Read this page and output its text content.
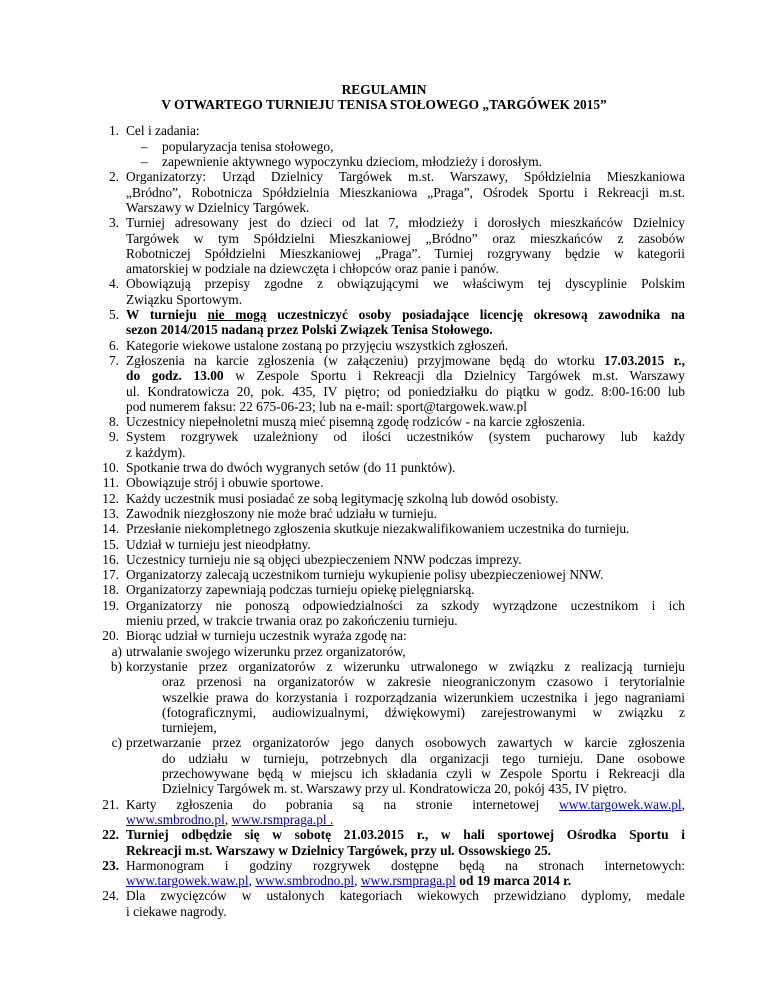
REGULAMIN
V OTWARTEGO TURNIEJU TENISA STOŁOWEGO „TARGÓWEK 2015”
1. Cel i zadania:
– popularyzacja tenisa stołowego,
– zapewnienie aktywnego wypoczynku dzieciom, młodzieży i dorosłym.
2. Organizatorzy: Urząd Dzielnicy Targówek m.st. Warszawy, Spółdzielnia Mieszkaniowa
„Bródno”, Robotnicza Spółdzielnia Mieszkaniowa „Praga”, Ośrodek Sportu i Rekreacji m.st.
Warszawy w Dzielnicy Targówek.
3. Turniej adresowany jest do dzieci od lat 7, młodzieży i dorosłych mieszkańców Dzielnicy
Targówek w tym Spółdzielni Mieszkaniowej „Bródno” oraz mieszkańców z zasobów
Robotniczej Spółdzielni Mieszkaniowej „Praga”. Turniej rozgrywany będzie w kategorii
amatorskiej w podziale na dziewczęta i chłopców oraz panie i panów.
4. Obowiązują przepisy zgodne z obwiązującymi we właściwym tej dyscyplinie Polskim
Związku Sportowym.
5. W turnieju nie mogą uczestniczyć osoby posiadające licencję okresową zawodnika na
sezon 2014/2015 nadaną przez Polski Związek Tenisa Stołowego.
6. Kategorie wiekowe ustalone zostaną po przyjęciu wszystkich zgłoszeń.
7. Zgłoszenia na karcie zgłoszenia (w załączeniu) przyjmowane będą do wtorku 17.03.2015 r.,
do godz. 13.00 w Zespole Sportu i Rekreacji dla Dzielnicy Targówek m.st. Warszawy
ul. Kondratowicza 20, pok. 435, IV piętro; od poniedziałku do piątku w godz. 8:00-16:00 lub
pod numerem faksu: 22 675-06-23; lub na e-mail: sport@targowek.waw.pl
8. Uczestnicy niepełnoletni muszą mieć pisemną zgodę rodziców - na karcie zgłoszenia.
9. System rozgrywek uzależniony od ilości uczestników (system pucharowy lub każdy
z każdym).
10. Spotkanie trwa do dwóch wygranych setów (do 11 punktów).
11. Obowiązuje strój i obuwie sportowe.
12. Każdy uczestnik musi posiadać ze sobą legitymację szkolną lub dowód osobisty.
13. Zawodnik niezgłoszony nie może brać udziału w turnieju.
14. Przesłanie niekompletnego zgłoszenia skutkuje niezakwalifikowaniem uczestnika do turnieju.
15. Udział w turnieju jest nieodpłatny.
16. Uczestnicy turnieju nie są objęci ubezpieczeniem NNW podczas imprezy.
17. Organizatorzy zalecają uczestnikom turnieju wykupienie polisy ubezpieczeniowej NNW.
18. Organizatorzy zapewniają podczas turnieju opiekę pielęgniarską.
19. Organizatorzy nie ponoszą odpowiedzialności za szkody wyrządzone uczestnikom i ich
mieniu przed, w trakcie trwania oraz po zakończeniu turnieju.
20. Biorąc udział w turnieju uczestnik wyraża zgodę na:
a) utrwalanie swojego wizerunku przez organizatorów,
b) korzystanie przez organizatorów z wizerunku utrwalonego w związku z realizacją turnieju
oraz przenosi na organizatorów w zakresie nieograniczonym czasowo i terytorialnie
wszelkie prawa do korzystania i rozporządzania wizerunkiem uczestnika i jego nagraniami
(fotograficznymi, audiowizualnymi, dźwiękowymi) zarejestrowanymi w związku z
turniejem,
c) przetwarzanie przez organizatorów jego danych osobowych zawartych w karcie zgłoszenia
do udziału w turnieju, potrzebnych dla organizacji tego turnieju. Dane osobowe
przechowywane będą w miejscu ich składania czyli w Zespole Sportu i Rekreacji dla
Dzielnicy Targówek m. st. Warszawy przy ul. Kondratowicza 20, pokój 435, IV piętro.
21. Karty zgłoszenia do pobrania są na stronie internetowej www.targowek.waw.pl,
www.smbrodno.pl, www.rsmpraga.pl .
22. Turniej odbędzie się w sobotę 21.03.2015 r., w hali sportowej Ośrodka Sportu i
Rekreacji m.st. Warszawy w Dzielnicy Targówek, przy ul. Ossowskiego 25.
23. Harmonogram i godziny rozgrywek dostępne będą na stronach internetowych:
www.targowek.waw.pl, www.smbrodno.pl, www.rsmpraga.pl od 19 marca 2014 r.
24. Dla zwycięzców w ustalonych kategoriach wiekowych przewidziano dyplomy, medale
i ciekawe nagrody.
